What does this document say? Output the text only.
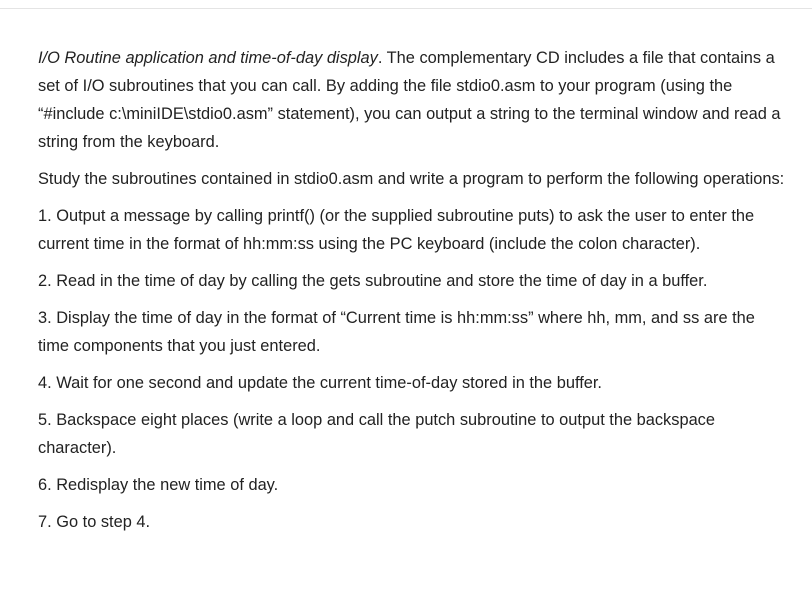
I/O Routine application and time-of-day display. The complementary CD includes a file that contains a set of I/O subroutines that you can call. By adding the file stdio0.asm to your program (using the “#include c:\miniIDE\stdio0.asm” statement), you can output a string to the terminal window and read a string from the keyboard.

Study the subroutines contained in stdio0.asm and write a program to perform the following operations:

1. Output a message by calling printf() (or the supplied subroutine puts) to ask the user to enter the current time in the format of hh:mm:ss using the PC keyboard (include the colon character).

2. Read in the time of day by calling the gets subroutine and store the time of day in a buffer.

3. Display the time of day in the format of “Current time is hh:mm:ss” where hh, mm, and ss are the time components that you just entered.

4. Wait for one second and update the current time-of-day stored in the buffer.

5. Backspace eight places (write a loop and call the putch subroutine to output the backspace character).

6. Redisplay the new time of day.

7. Go to step 4.
